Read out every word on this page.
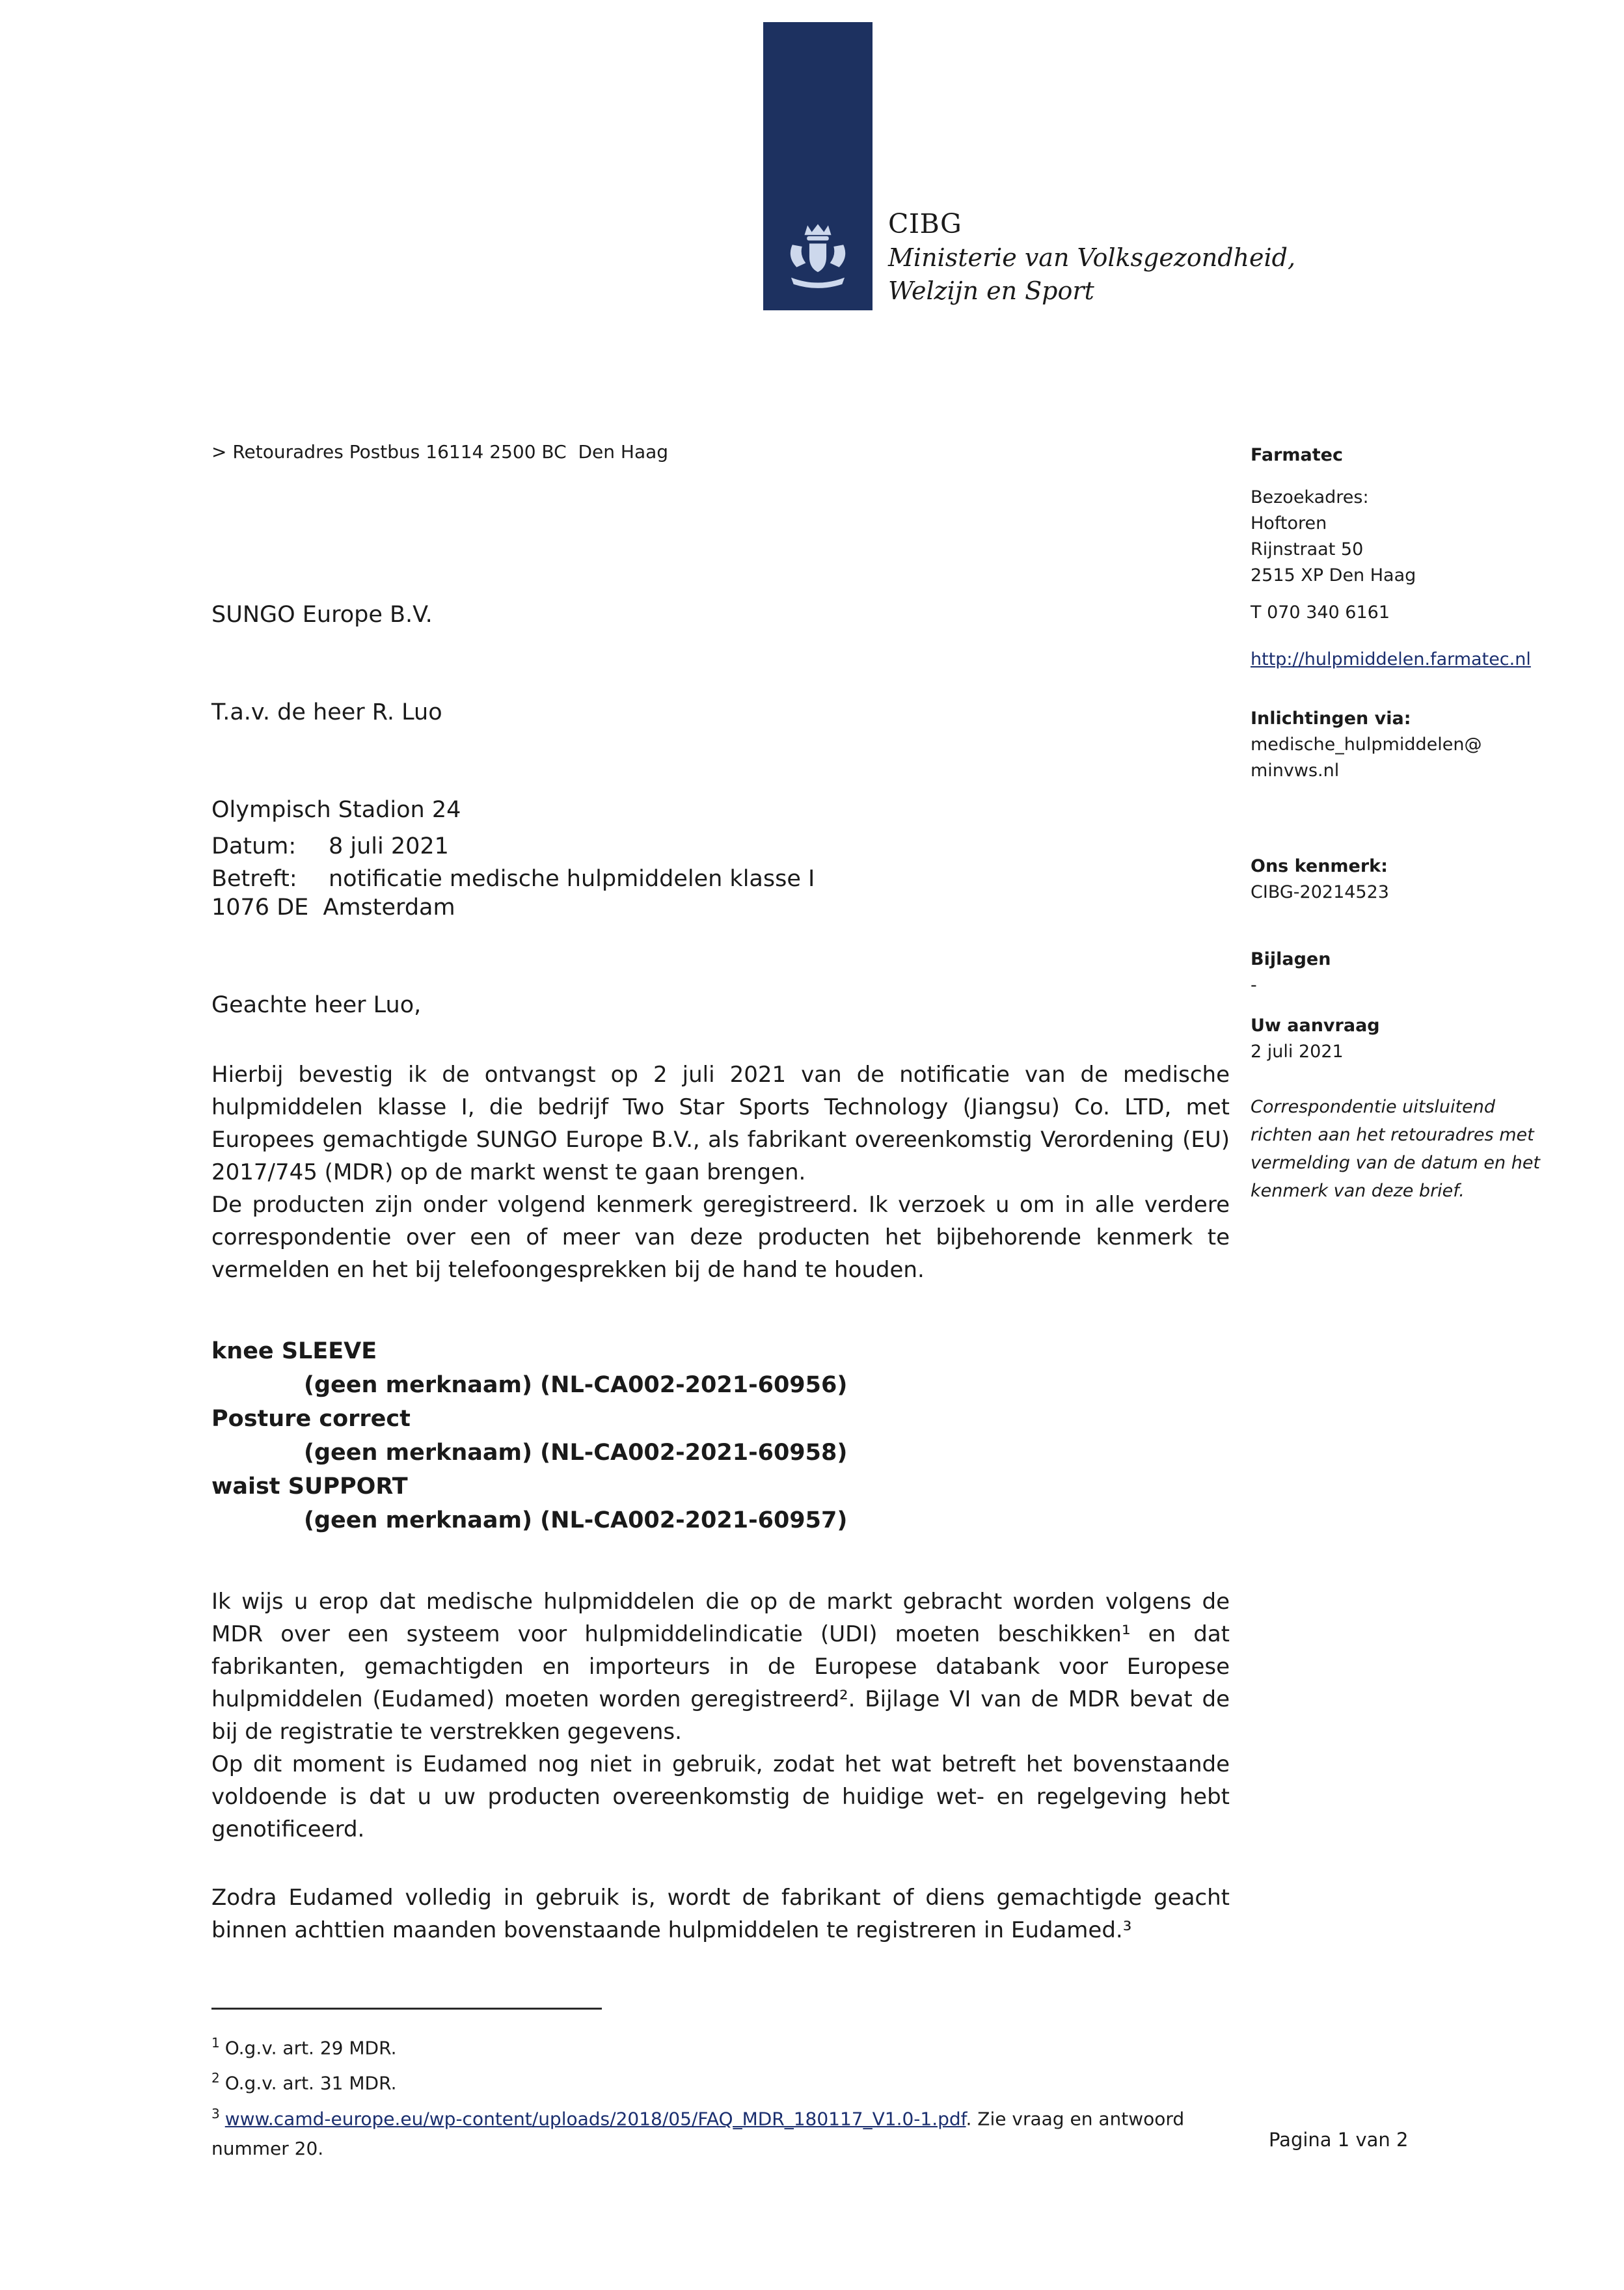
CIBG
Ministerie van Volksgezondheid,
Welzijn en Sport
> Retouradres Postbus 16114 2500 BC  Den Haag

SUNGO Europe B.V.

T.a.v. de heer R. Luo

Olympisch Stadion 24

1076 DE  Amsterdam

Datum: 8 juli 2021
Betreft: notificatie medische hulpmiddelen klasse I
Geachte heer Luo,

Hierbij bevestig ik de ontvangst op 2 juli 2021 van de notificatie van de medische hulpmiddelen klasse I, die bedrijf Two Star Sports Technology (Jiangsu) Co. LTD, met Europees gemachtigde SUNGO Europe B.V., als fabrikant overeenkomstig Verordening (EU) 2017/745 (MDR) op de markt wenst te gaan brengen.

De producten zijn onder volgend kenmerk geregistreerd. Ik verzoek u om in alle verdere correspondentie over een of meer van deze producten het bijbehorende kenmerk te vermelden en het bij telefoongesprekken bij de hand te houden.

knee SLEEVE
(geen merknaam) (NL-CA002-2021-60956)
Posture correct
(geen merknaam) (NL-CA002-2021-60958)
waist SUPPORT
(geen merknaam) (NL-CA002-2021-60957)

Ik wijs u erop dat medische hulpmiddelen die op de markt gebracht worden volgens de MDR over een systeem voor hulpmiddelindicatie (UDI) moeten beschikken¹ en dat fabrikanten, gemachtigden en importeurs in de Europese databank voor Europese hulpmiddelen (Eudamed) moeten worden geregistreerd². Bijlage VI van de MDR bevat de bij de registratie te verstrekken gegevens.

Op dit moment is Eudamed nog niet in gebruik, zodat het wat betreft het bovenstaande voldoende is dat u uw producten overeenkomstig de huidige wet- en regelgeving hebt genotificeerd.

Zodra Eudamed volledig in gebruik is, wordt de fabrikant of diens gemachtigde geacht binnen achttien maanden bovenstaande hulpmiddelen te registreren in Eudamed.³

$^1$ O.g.v. art. 29 MDR.
$^2$ O.g.v. art. 31 MDR.
$^3$ www.camd-europe.eu/wp-content/uploads/2018/05/FAQ_MDR_180117_V1.0-1.pdf. Zie vraag en antwoord nummer 20.	Pagina 1 van 2
Farmatec
Bezoekadres:
Hoftoren
Rijnstraat 50
2515 XP Den Haag
T 070 340 6161
http://hulpmiddelen.farmatec.nl
Inlichtingen via:
medische_hulpmiddelen@
minvws.nl
Ons kenmerk:
CIBG-20214523
Bijlagen
-
Uw aanvraag
2 juli 2021
Correspondentie uitsluitend richten aan het retouradres met vermelding van de datum en het kenmerk van deze brief.
